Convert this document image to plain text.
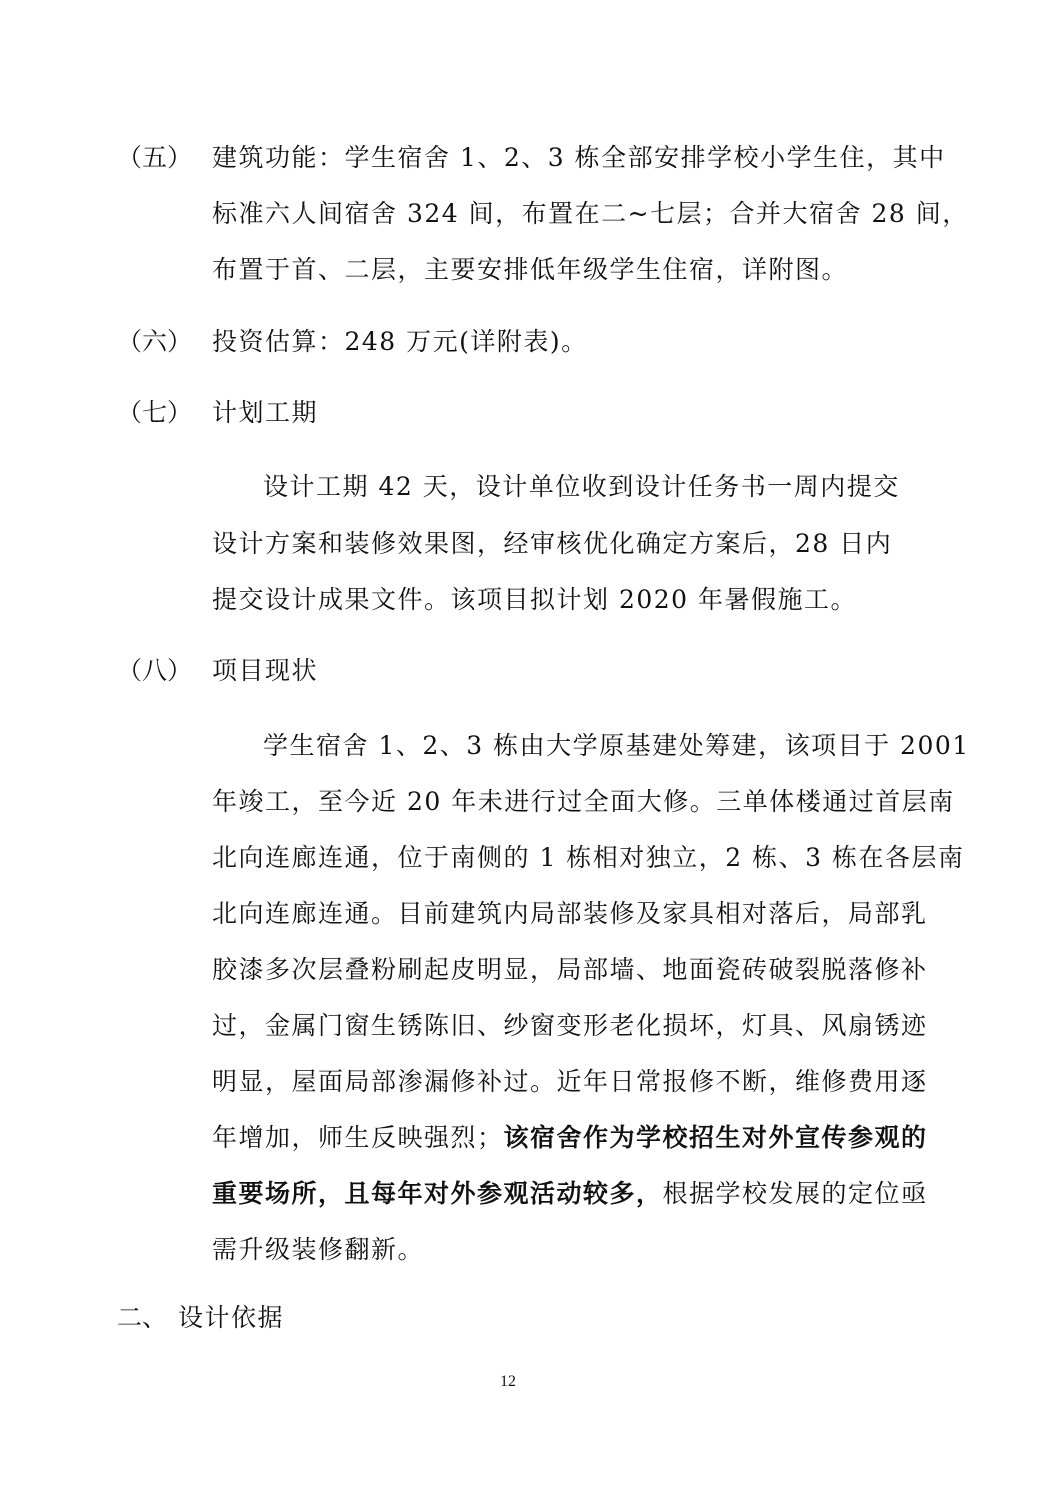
（五） 建筑功能：学生宿舍 1、2、3 栋全部安排学校小学生住，其中
标准六人间宿舍 324 间，布置在二~七层；合并大宿舍 28 间，
布置于首、二层，主要安排低年级学生住宿，详附图。
（六） 投资估算：248 万元(详附表)。
（七） 计划工期
设计工期 42 天，设计单位收到设计任务书一周内提交
设计方案和装修效果图，经审核优化确定方案后，28 日内
提交设计成果文件。该项目拟计划 2020 年暑假施工。
（八） 项目现状
学生宿舍 1、2、3 栋由大学原基建处筹建，该项目于 2001
年竣工，至今近 20 年未进行过全面大修。三单体楼通过首层南
北向连廊连通，位于南侧的 1 栋相对独立，2 栋、3 栋在各层南
北向连廊连通。目前建筑内局部装修及家具相对落后，局部乳
胶漆多次层叠粉刷起皮明显，局部墙、地面瓷砖破裂脱落修补
过，金属门窗生锈陈旧、纱窗变形老化损坏，灯具、风扇锈迹
明显，屋面局部渗漏修补过。近年日常报修不断，维修费用逐
年增加，师生反映强烈；该宿舍作为学校招生对外宣传参观的
重要场所，且每年对外参观活动较多，根据学校发展的定位亟
需升级装修翻新。
二、 设计依据
12
